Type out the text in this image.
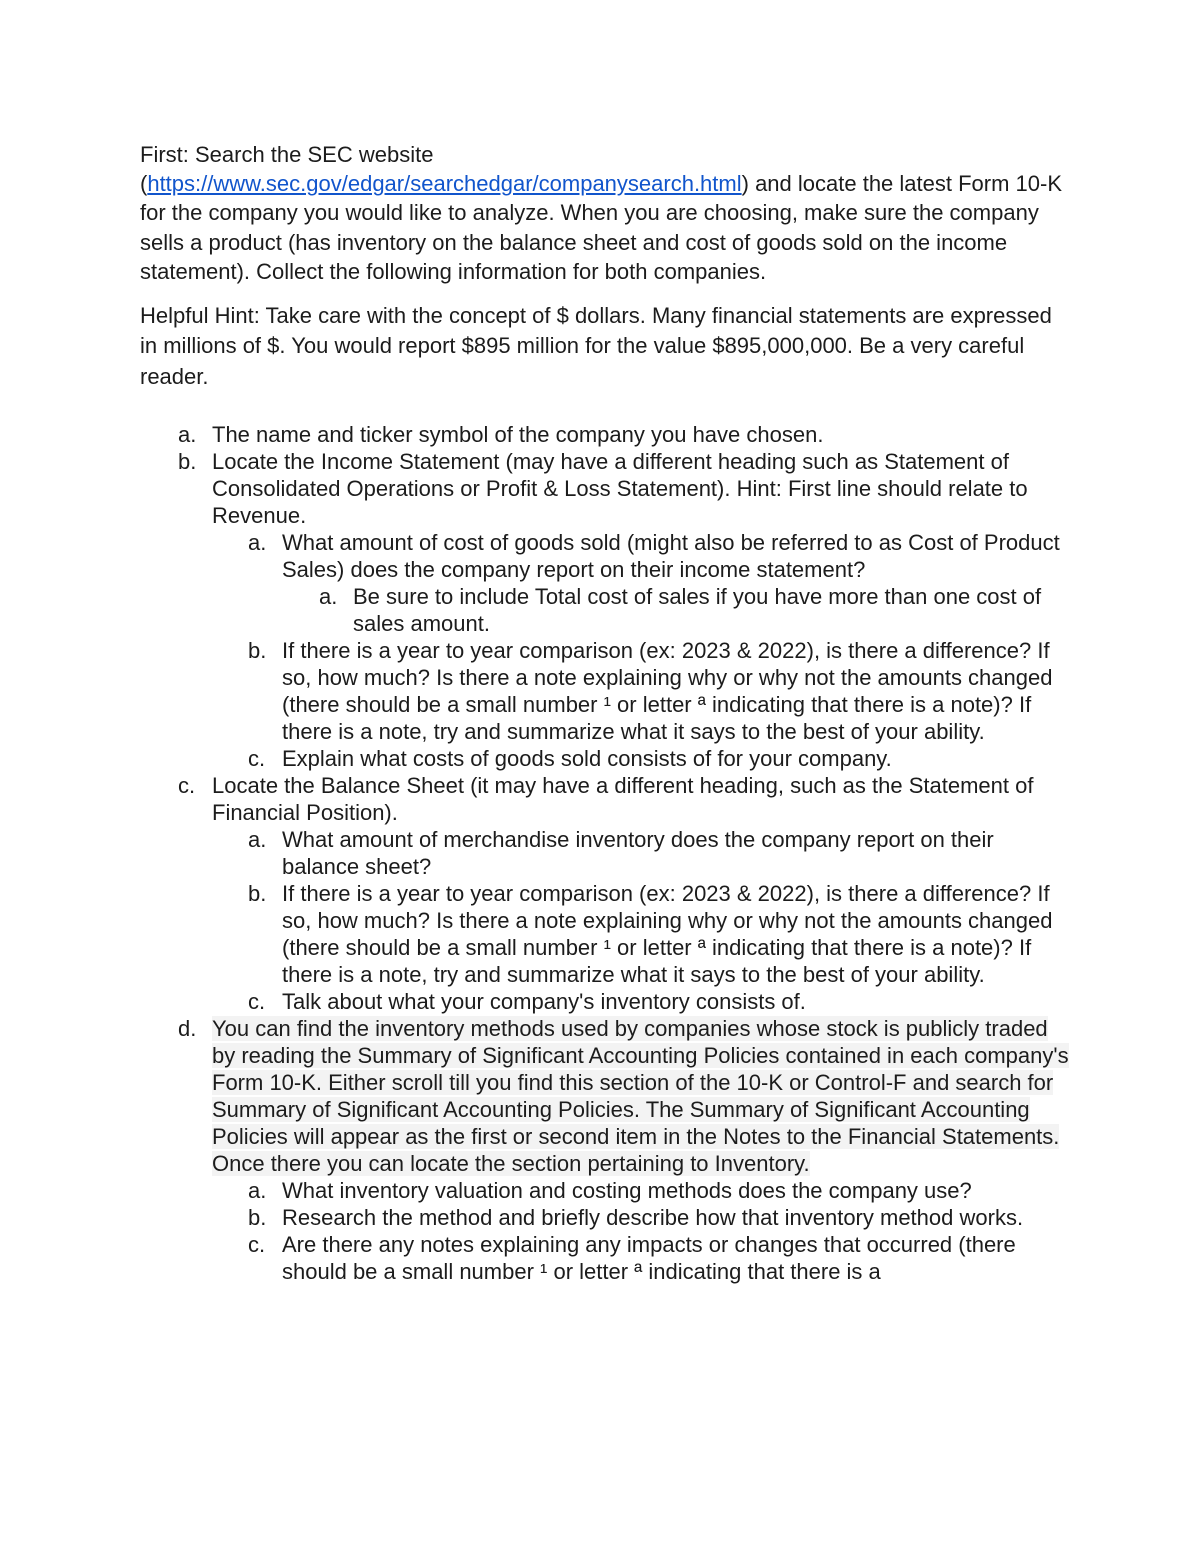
First: Search the SEC website
(https://www.sec.gov/edgar/searchedgar/companysearch.html) and locate the latest Form 10-K for the company you would like to analyze. When you are choosing, make sure the company sells a product (has inventory on the balance sheet and cost of goods sold on the income statement). Collect the following information for both companies.

Helpful Hint: Take care with the concept of $ dollars. Many financial statements are expressed in millions of $. You would report $895 million for the value $895,000,000. Be a very careful reader.

a. The name and ticker symbol of the company you have chosen.
b. Locate the Income Statement (may have a different heading such as Statement of Consolidated Operations or Profit & Loss Statement). Hint: First line should relate to Revenue.
a. What amount of cost of goods sold (might also be referred to as Cost of Product Sales) does the company report on their income statement?
a. Be sure to include Total cost of sales if you have more than one cost of sales amount.
b. If there is a year to year comparison (ex: 2023 & 2022), is there a difference? If so, how much? Is there a note explaining why or why not the amounts changed (there should be a small number ¹ or letter ª indicating that there is a note)? If there is a note, try and summarize what it says to the best of your ability.
c. Explain what costs of goods sold consists of for your company.
c. Locate the Balance Sheet (it may have a different heading, such as the Statement of Financial Position).
a. What amount of merchandise inventory does the company report on their balance sheet?
b. If there is a year to year comparison (ex: 2023 & 2022), is there a difference? If so, how much? Is there a note explaining why or why not the amounts changed (there should be a small number ¹ or letter ª indicating that there is a note)? If there is a note, try and summarize what it says to the best of your ability.
c. Talk about what your company's inventory consists of.
d. You can find the inventory methods used by companies whose stock is publicly traded by reading the Summary of Significant Accounting Policies contained in each company's Form 10-K. Either scroll till you find this section of the 10-K or Control-F and search for Summary of Significant Accounting Policies. The Summary of Significant Accounting Policies will appear as the first or second item in the Notes to the Financial Statements. Once there you can locate the section pertaining to Inventory.
a. What inventory valuation and costing methods does the company use?
b. Research the method and briefly describe how that inventory method works.
c. Are there any notes explaining any impacts or changes that occurred (there should be a small number ¹ or letter ª indicating that there is a
